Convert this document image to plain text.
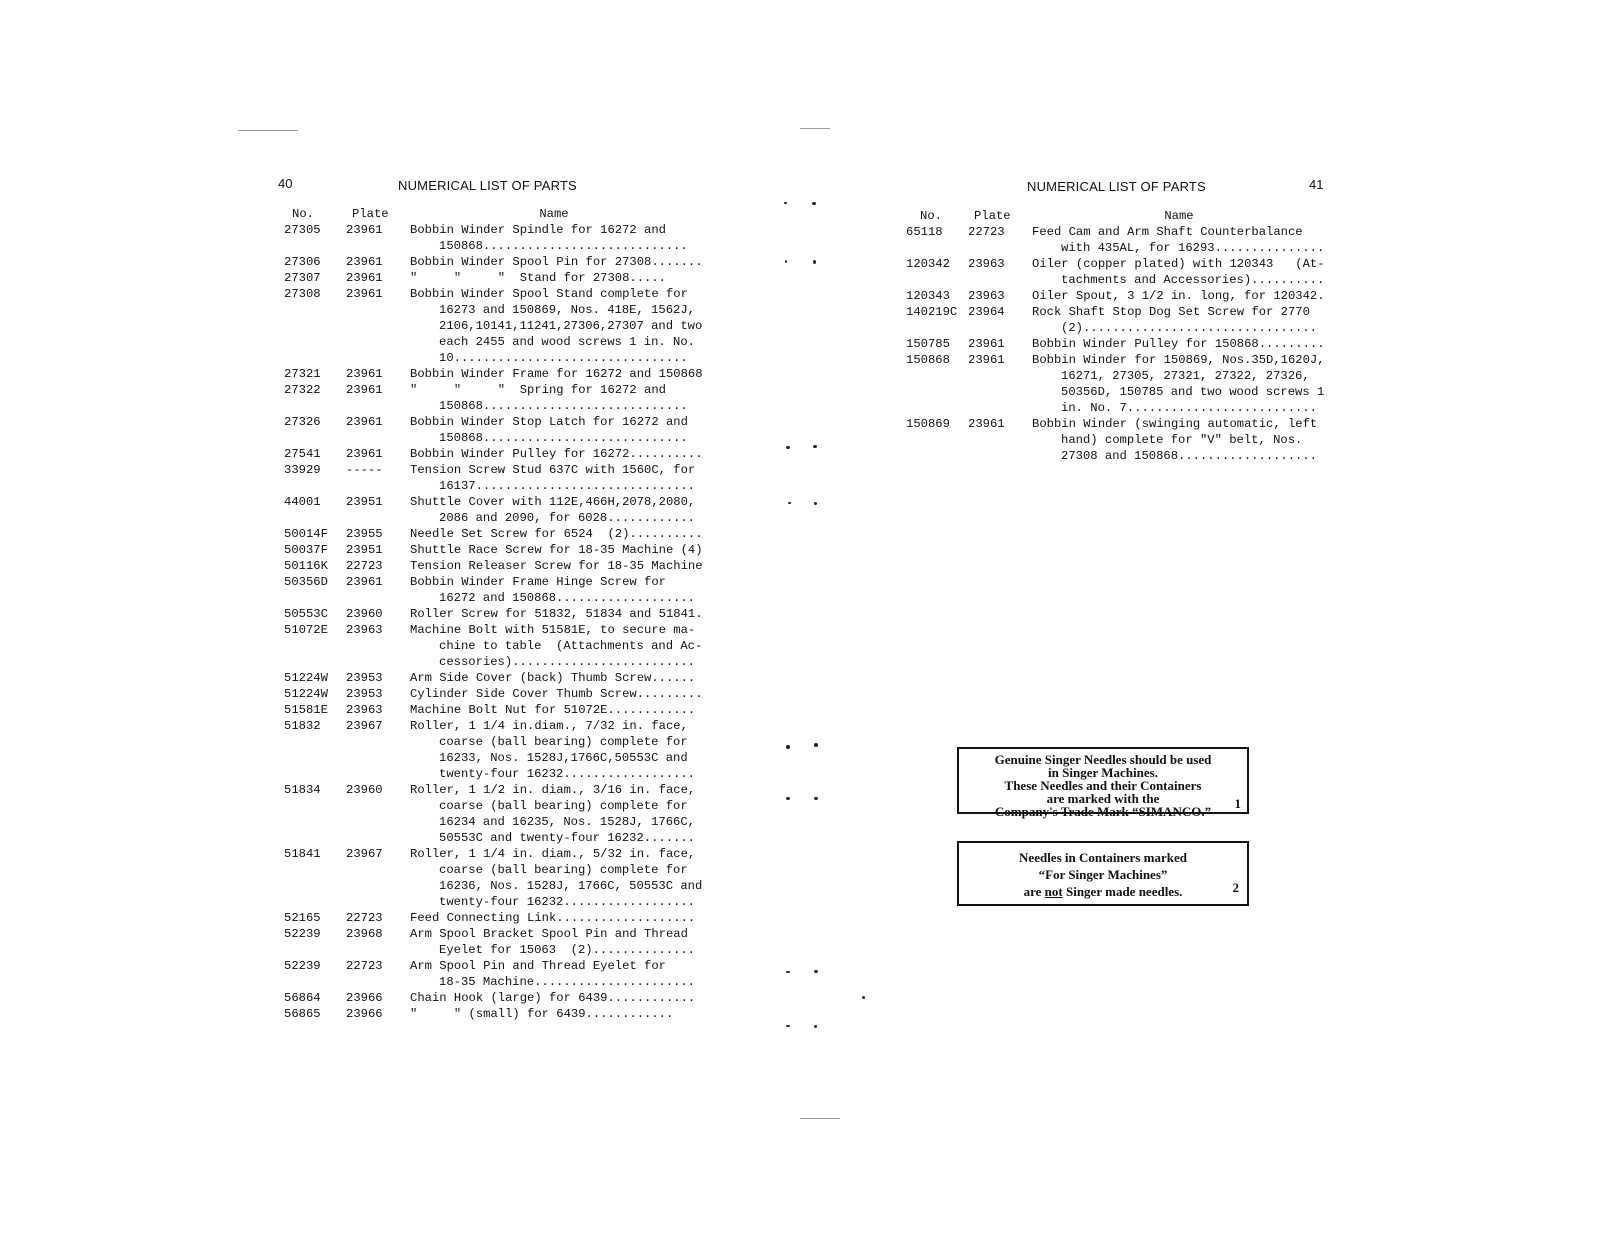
40	NUMERICAL LIST OF PARTS
No.	Plate	Name
27305	23961	Bobbin Winder Spindle for 16272 and
150868............................
27306	23961	Bobbin Winder Spool Pin for 27308.......
27307	23961	"     "     "  Stand for 27308.....
27308	23961	Bobbin Winder Spool Stand complete for
16273 and 150869, Nos. 418E, 1562J,
2106,10141,11241,27306,27307 and two
each 2455 and wood screws 1 in. No.
10................................
27321	23961	Bobbin Winder Frame for 16272 and 150868
27322	23961	"     "     "  Spring for 16272 and
150868............................
27326	23961	Bobbin Winder Stop Latch for 16272 and
150868............................
27541	23961	Bobbin Winder Pulley for 16272..........
33929	-----	Tension Screw Stud 637C with 1560C, for
16137..............................
44001	23951	Shuttle Cover with 112E,466H,2078,2080,
2086 and 2090, for 6028............
50014F	23955	Needle Set Screw for 6524  (2)..........
50037F	23951	Shuttle Race Screw for 18-35 Machine (4)
50116K	22723	Tension Releaser Screw for 18-35 Machine
50356D	23961	Bobbin Winder Frame Hinge Screw for
16272 and 150868...................
50553C	23960	Roller Screw for 51832, 51834 and 51841.
51072E	23963	Machine Bolt with 51581E, to secure ma-
chine to table  (Attachments and Ac-
cessories).........................
51224W	23953	Arm Side Cover (back) Thumb Screw......
51224W	23953	Cylinder Side Cover Thumb Screw.........
51581E	23963	Machine Bolt Nut for 51072E............
51832	23967	Roller, 1 1/4 in.diam., 7/32 in. face,
coarse (ball bearing) complete for
16233, Nos. 1528J,1766C,50553C and
twenty-four 16232..................
51834	23960	Roller, 1 1/2 in. diam., 3/16 in. face,
coarse (ball bearing) complete for
16234 and 16235, Nos. 1528J, 1766C,
50553C and twenty-four 16232.......
51841	23967	Roller, 1 1/4 in. diam., 5/32 in. face,
coarse (ball bearing) complete for
16236, Nos. 1528J, 1766C, 50553C and
twenty-four 16232..................
52165	22723	Feed Connecting Link...................
52239	23968	Arm Spool Bracket Spool Pin and Thread
Eyelet for 15063  (2)..............
52239	22723	Arm Spool Pin and Thread Eyelet for
18-35 Machine......................
56864	23966	Chain Hook (large) for 6439............
56865	23966	"     " (small) for 6439............
NUMERICAL LIST OF PARTS	41
No.	Plate	Name
65118	22723	Feed Cam and Arm Shaft Counterbalance
with 435AL, for 16293...............
120342	23963	Oiler (copper plated) with 120343   (At-
tachments and Accessories)..........
120343	23963	Oiler Spout, 3 1/2 in. long, for 120342.
140219C 23964	Rock Shaft Stop Dog Set Screw for 2770
(2)................................
150785	23961	Bobbin Winder Pulley for 150868.........
150868	23961	Bobbin Winder for 150869, Nos.35D,1620J,
16271, 27305, 27321, 27322, 27326,
50356D, 150785 and two wood screws 1
in. No. 7..........................
150869	23961	Bobbin Winder (swinging automatic, left
hand) complete for "V" belt, Nos.
27308 and 150868...................
Genuine Singer Needles should be used
in Singer Machines.
These Needles and their Containers
are marked with the
Company's Trade Mark “SIMANCO.”
1
Needles in Containers marked
“For Singer Machines”
are not Singer made needles.	2
